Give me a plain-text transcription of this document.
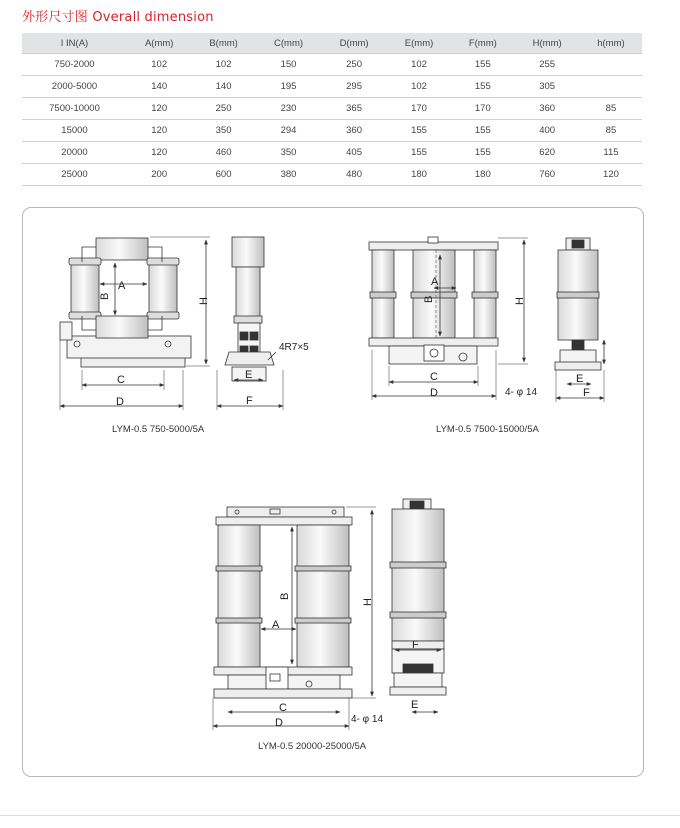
外形尺寸图 Overall dimension
I IN(A)	A(mm)	B(mm)	C(mm)	D(mm)	E(mm)	F(mm)	H(mm)	h(mm)
750-2000	102	102	150	250	102	155	255	
2000-5000	140	140	195	295	102	155	305	
7500-10000	120	250	230	365	170	170	360	85
15000	120	350	294	360	155	155	400	85
20000	120	460	350	405	155	155	620	115
25000	200	600	380	480	180	180	760	120
A
B
C
D
E
F
H
4R7×5
A
B
C
D
E
F
H
4- φ 14
A
B
C
D
E
F
H
4- φ 14
LYM-0.5 750-5000/5A	LYM-0.5 7500-15000/5A
LYM-0.5 20000-25000/5A
